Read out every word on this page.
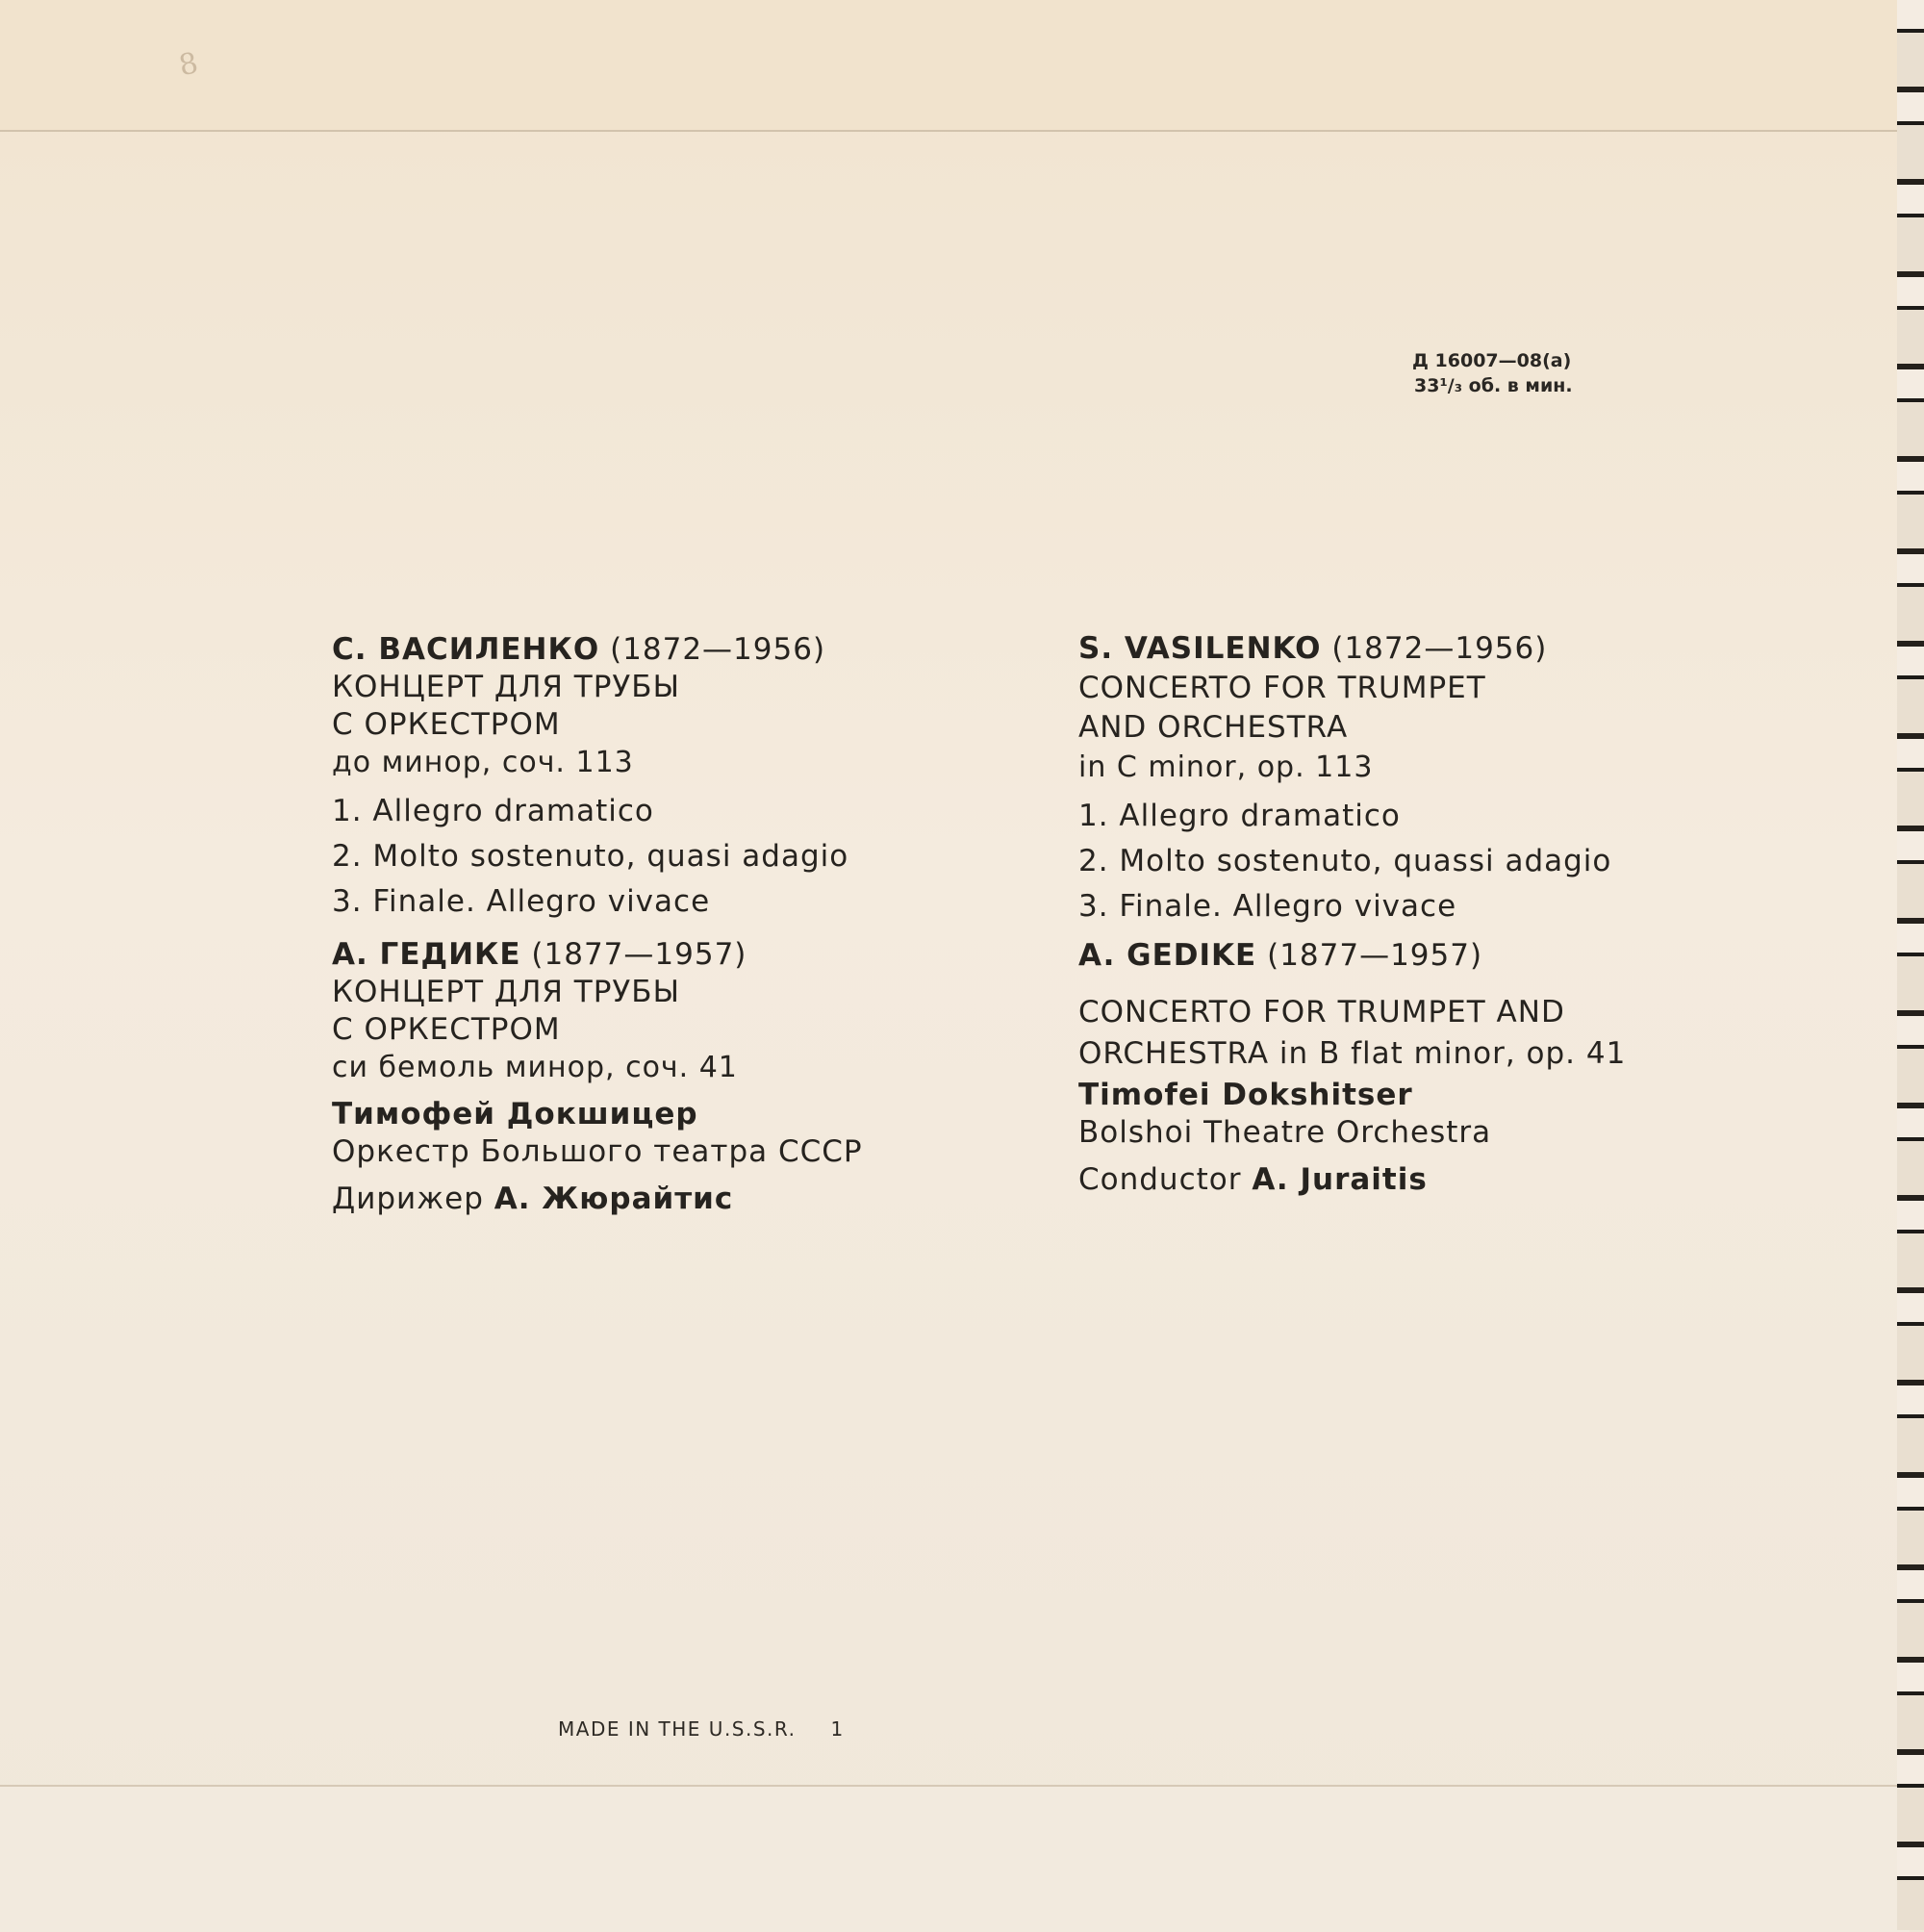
8
Д 16007—08(а)
33¹/₃ об. в мин.
С. ВАСИЛЕНКО (1872—1956)
КОНЦЕРТ ДЛЯ ТРУБЫ
С ОРКЕСТРОМ
до минор, соч. 113
1. Allegro dramatico
2. Molto sostenuto, quasi adagio
3. Finale. Allegro vivace
А. ГЕДИКЕ (1877—1957)
КОНЦЕРТ ДЛЯ ТРУБЫ
С ОРКЕСТРОМ
си бемоль минор, соч. 41
Тимофей Докшицер
Оркестр Большого театра СССР
Дирижер А. Жюрайтис
S. VASILENKO (1872—1956)
CONCERTO FOR TRUMPET
AND ORCHESTRA
in C minor, op. 113
1. Allegro dramatico
2. Molto sostenuto, quassi adagio
3. Finale. Allegro vivace
A. GEDIKE (1877—1957)
CONCERTO FOR TRUMPET AND
ORCHESTRA in B flat minor, op. 41
Timofei Dokshitser
Bolshoi Theatre Orchestra
Conductor A. Juraitis
MADE IN THE U.S.S.R. 1
